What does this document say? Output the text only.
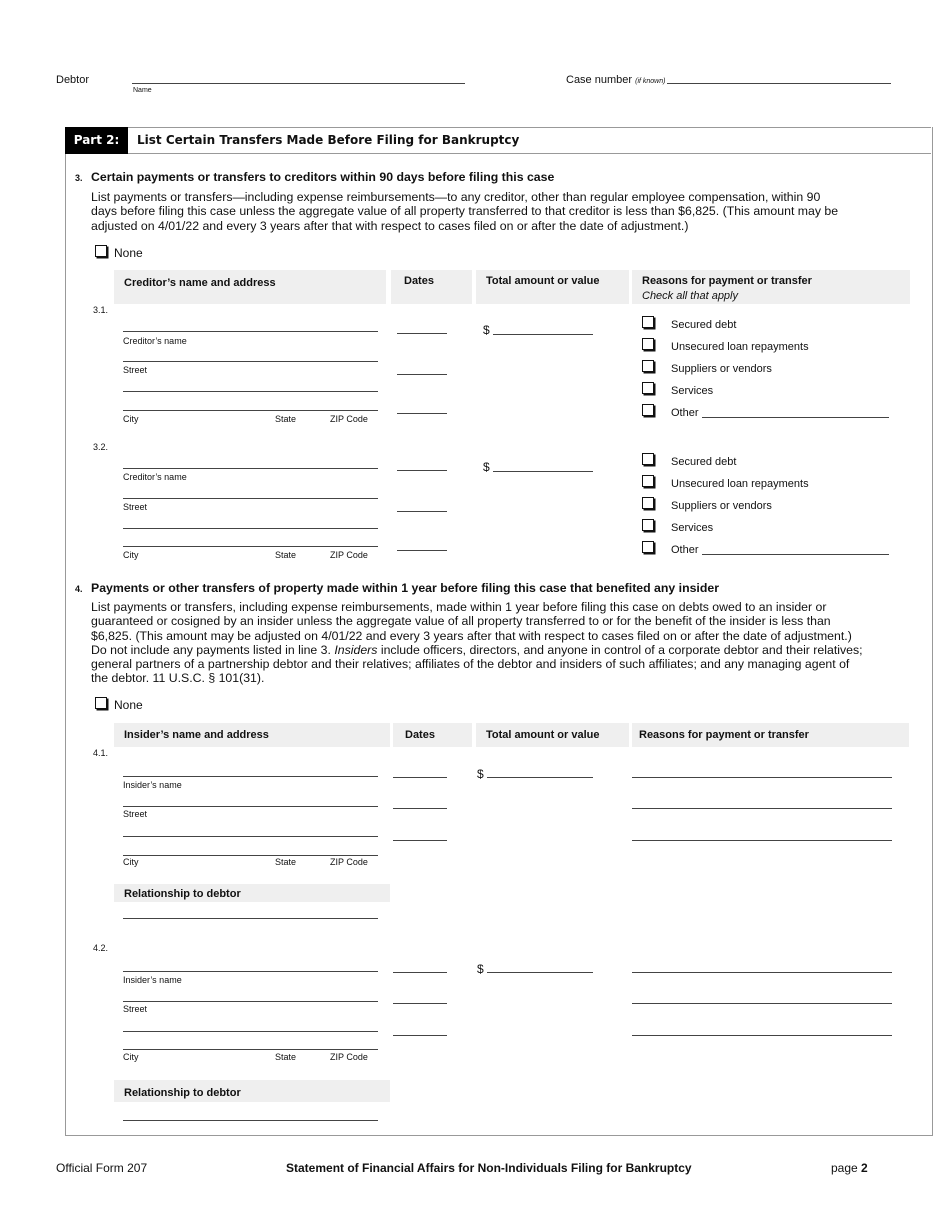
Debtor
Name
Case number (if known)
Part 2:	List Certain Transfers Made Before Filing for Bankruptcy
3. Certain payments or transfers to creditors within 90 days before filing this case
List payments or transfers—including expense reimbursements—to any creditor, other than regular employee compensation, within 90
days before filing this case unless the aggregate value of all property transferred to that creditor is less than $6,825. (This amount may be
adjusted on 4/01/22 and every 3 years after that with respect to cases filed on or after the date of adjustment.)
None
Creditor’s name and address	Dates	Total amount or value	Reasons for payment or transfer
Check all that apply
3.1.
Creditor’s name
Street
City	State	ZIP Code
$	Secured debt
Unsecured loan repayments
Suppliers or vendors
Services
Other
3.2.
Creditor’s name
Street
City	State	ZIP Code
$	Secured debt
Unsecured loan repayments
Suppliers or vendors
Services
Other
4. Payments or other transfers of property made within 1 year before filing this case that benefited any insider
List payments or transfers, including expense reimbursements, made within 1 year before filing this case on debts owed to an insider or
guaranteed or cosigned by an insider unless the aggregate value of all property transferred to or for the benefit of the insider is less than
$6,825. (This amount may be adjusted on 4/01/22 and every 3 years after that with respect to cases filed on or after the date of adjustment.)
Do not include any payments listed in line 3. Insiders include officers, directors, and anyone in control of a corporate debtor and their relatives;
general partners of a partnership debtor and their relatives; affiliates of the debtor and insiders of such affiliates; and any managing agent of
the debtor. 11 U.S.C. § 101(31).
None
Insider’s name and address	Dates	Total amount or value	Reasons for payment or transfer
4.1.
Insider’s name
Street
City	State	ZIP Code
$
Relationship to debtor
4.2.
Insider’s name
Street
City	State	ZIP Code
$
Relationship to debtor
Official Form 207	Statement of Financial Affairs for Non-Individuals Filing for Bankruptcy	page 2
